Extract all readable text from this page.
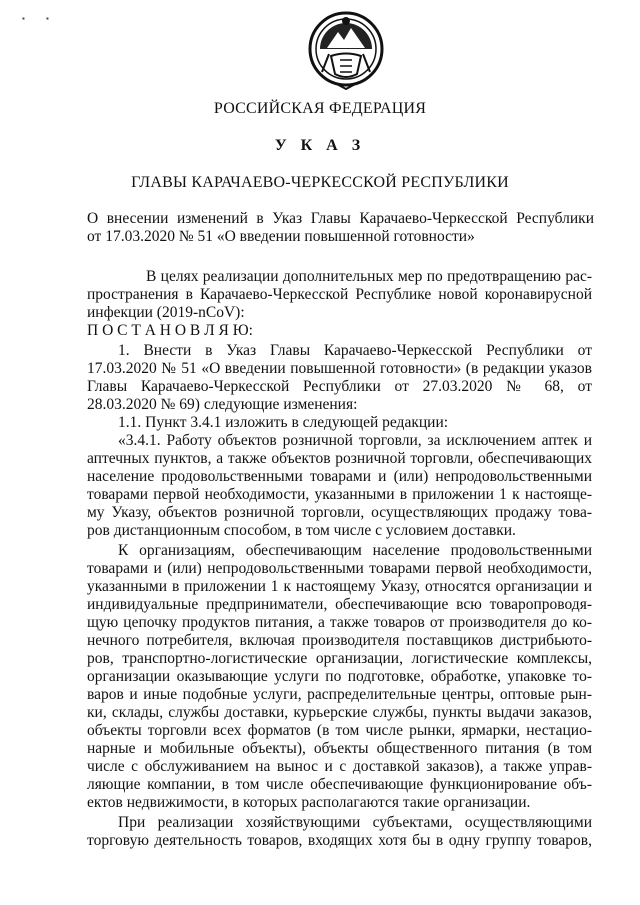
▪	▪
РОССИЙСКАЯ ФЕДЕРАЦИЯ
У К А З
ГЛАВЫ КАРАЧАЕВО-ЧЕРКЕССКОЙ РЕСПУБЛИКИ
О внесении изменений в Указ Главы Карачаево-Черкесской Республики
от 17.03.2020 № 51 «О введении повышенной готовности»
В целях реализации дополнительных мер по предотвращению рас-
пространения в Карачаево-Черкесской Республике новой коронавирусной
инфекции (2019-nCoV):
П О С Т А Н О В Л Я Ю:
1. Внести в Указ Главы Карачаево-Черкесской Республики от
17.03.2020 № 51 «О введении повышенной готовности» (в редакции указов
Главы Карачаево-Черкесской Республики от 27.03.2020 № 68, от
28.03.2020 № 69) следующие изменения:
1.1. Пункт 3.4.1 изложить в следующей редакции:
«3.4.1. Работу объектов розничной торговли, за исключением аптек и
аптечных пунктов, а также объектов розничной торговли, обеспечивающих
население продовольственными товарами и (или) непродовольственными
товарами первой необходимости, указанными в приложении 1 к настояще-
му Указу, объектов розничной торговли, осуществляющих продажу това-
ров дистанционным способом, в том числе с условием доставки.
К организациям, обеспечивающим население продовольственными
товарами и (или) непродовольственными товарами первой необходимости,
указанными в приложении 1 к настоящему Указу, относятся организации и
индивидуальные предприниматели, обеспечивающие всю товаропроводя-
щую цепочку продуктов питания, а также товаров от производителя до ко-
нечного потребителя, включая производителя поставщиков дистрибьюто-
ров, транспортно-логистические организации, логистические комплексы,
организации оказывающие услуги по подготовке, обработке, упаковке то-
варов и иные подобные услуги, распределительные центры, оптовые рын-
ки, склады, службы доставки, курьерские службы, пункты выдачи заказов,
объекты торговли всех форматов (в том числе рынки, ярмарки, нестацио-
нарные и мобильные объекты), объекты общественного питания (в том
числе с обслуживанием на вынос и с доставкой заказов), а также управ-
ляющие компании, в том числе обеспечивающие функционирование объ-
ектов недвижимости, в которых располагаются такие организации.
При реализации хозяйствующими субъектами, осуществляющими
торговую деятельность товаров, входящих хотя бы в одну группу товаров,
